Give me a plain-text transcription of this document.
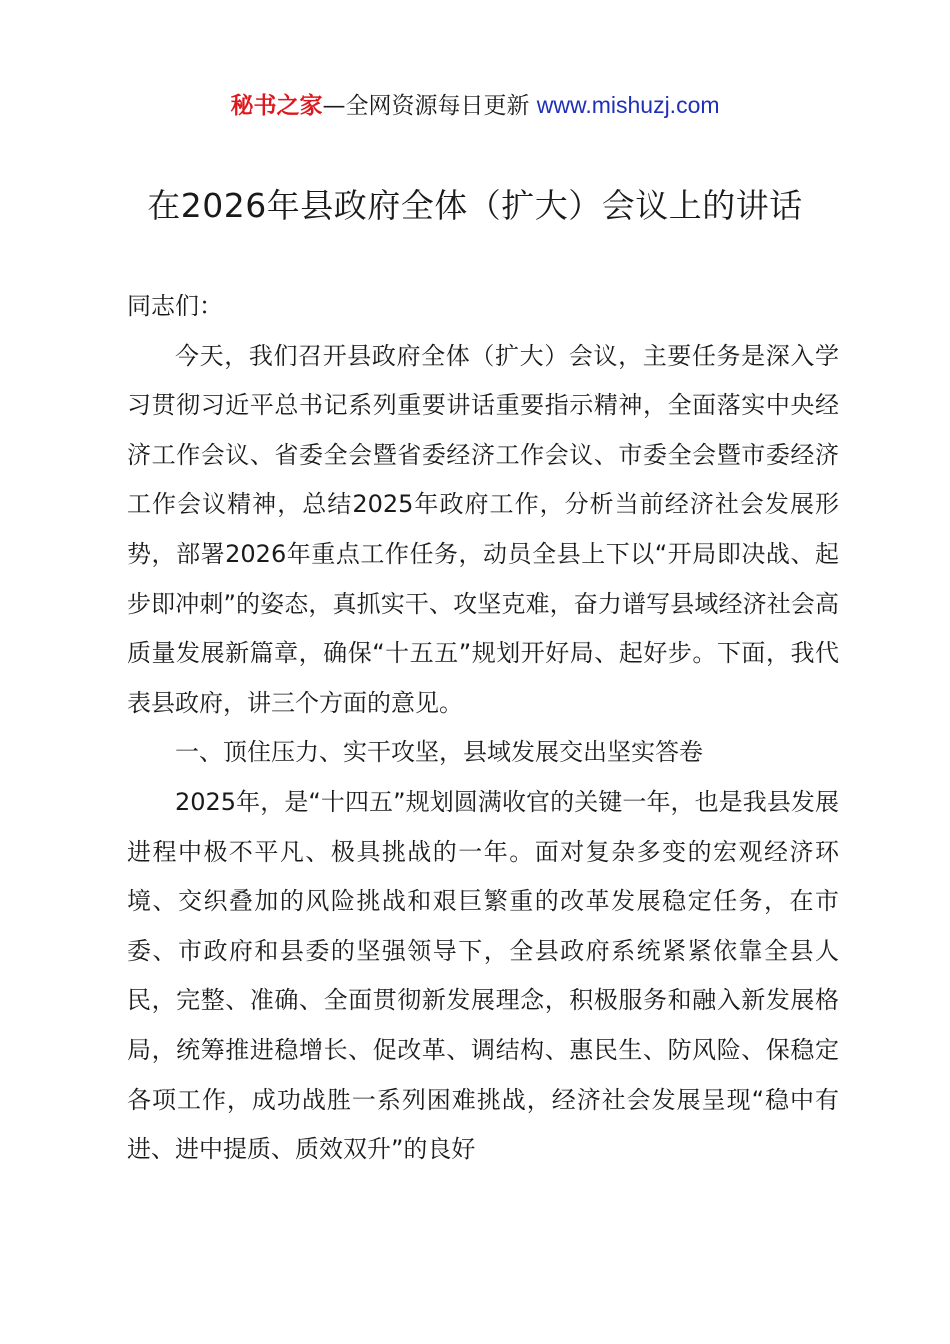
秘书之家—全网资源每日更新 www.mishuzj.com
在2026年县政府全体（扩大）会议上的讲话

同志们：

今天，我们召开县政府全体（扩大）会议，主要任务是深入学习贯彻习近平总书记系列重要讲话重要指示精神，全面落实中央经济工作会议、省委全会暨省委经济工作会议、市委全会暨市委经济工作会议精神，总结2025年政府工作，分析当前经济社会发展形势，部署2026年重点工作任务，动员全县上下以“开局即决战、起步即冲刺”的姿态，真抓实干、攻坚克难，奋力谱写县域经济社会高质量发展新篇章，确保“十五五”规划开好局、起好步。下面，我代表县政府，讲三个方面的意见。

一、顶住压力、实干攻坚，县域发展交出坚实答卷

2025年，是“十四五”规划圆满收官的关键一年，也是我县发展进程中极不平凡、极具挑战的一年。面对复杂多变的宏观经济环境、交织叠加的风险挑战和艰巨繁重的改革发展稳定任务，在市委、市政府和县委的坚强领导下，全县政府系统紧紧依靠全县人民，完整、准确、全面贯彻新发展理念，积极服务和融入新发展格局，统筹推进稳增长、促改革、调结构、惠民生、防风险、保稳定各项工作，成功战胜一系列困难挑战，经济社会发展呈现“稳中有进、进中提质、质效双升”的良好
